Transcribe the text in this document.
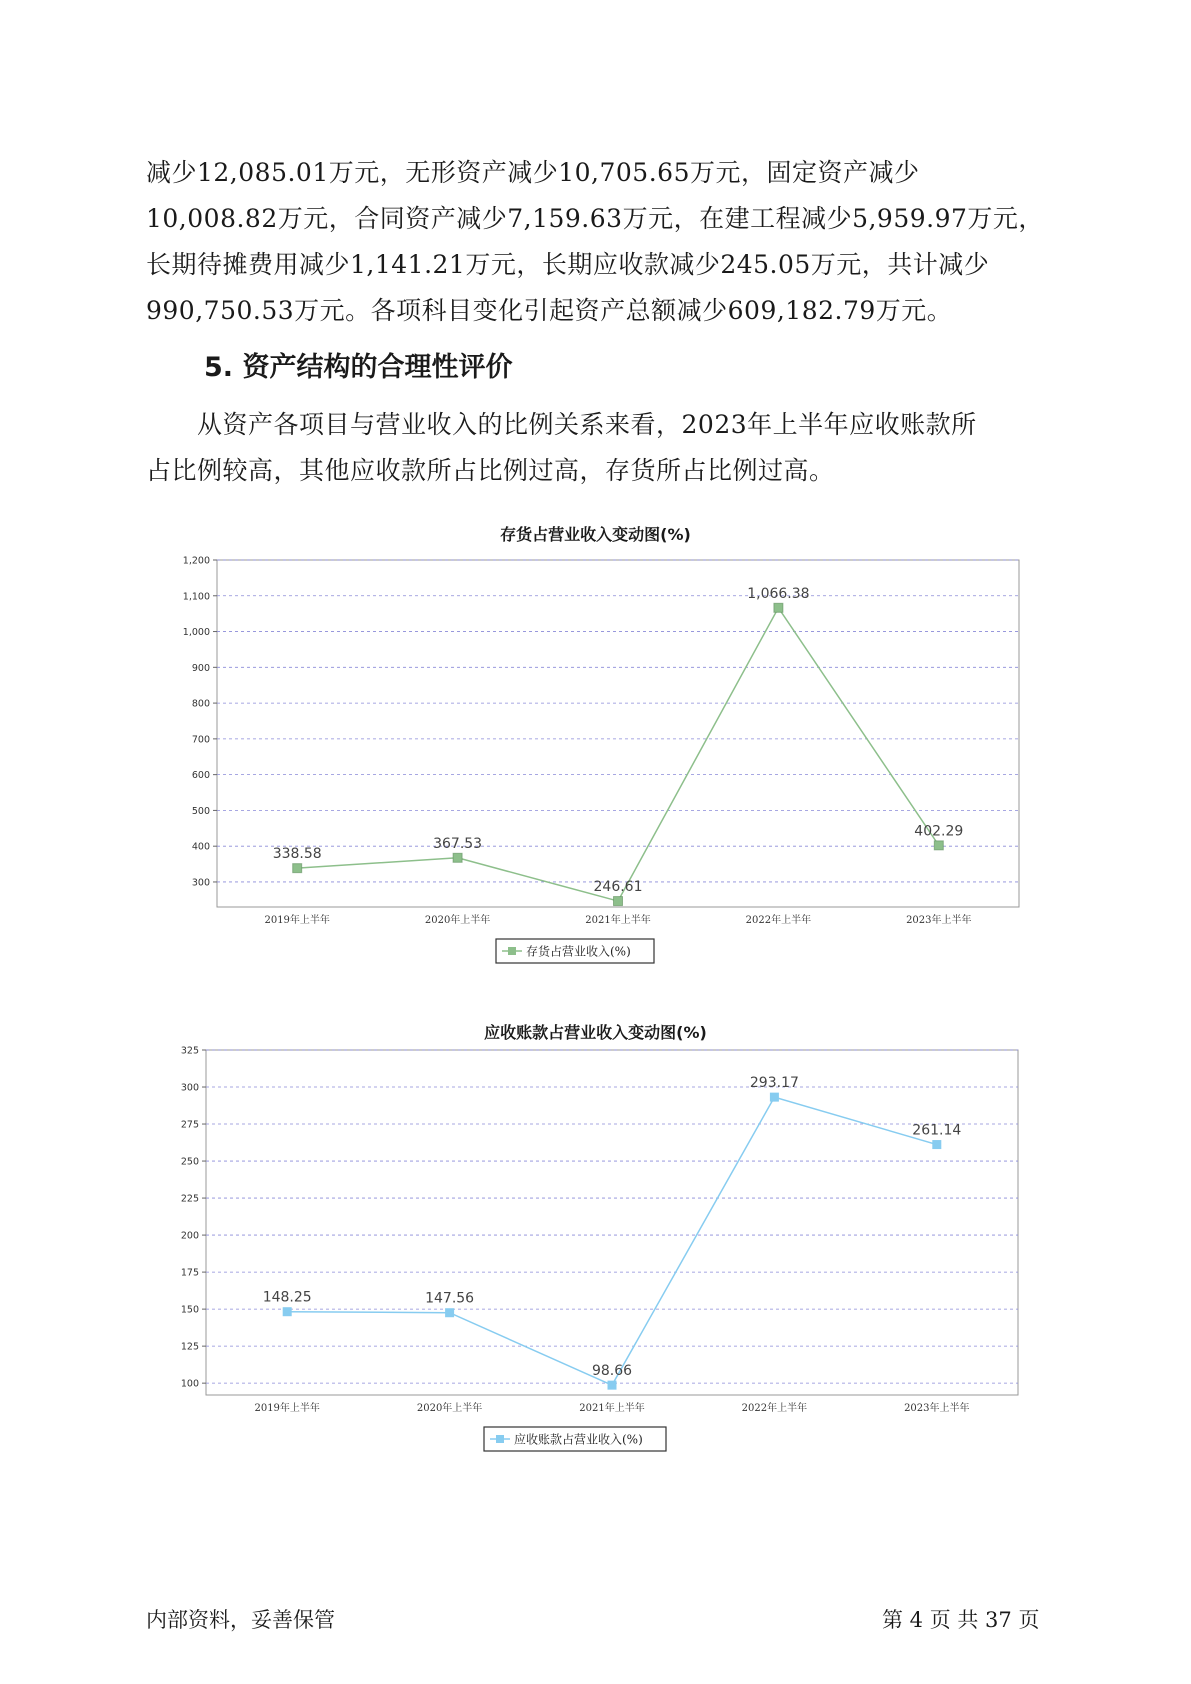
减少12,085.01万元，无形资产减少10,705.65万元，固定资产减少

10,008.82万元，合同资产减少7,159.63万元，在建工程减少5,959.97万元，

长期待摊费用减少1,141.21万元，长期应收款减少245.05万元，共计减少

990,750.53万元。各项科目变化引起资产总额减少609,182.79万元。

5. 资产结构的合理性评价

　　从资产各项目与营业收入的比例关系来看，2023年上半年应收账款所

占比例较高，其他应收款所占比例过高，存货所占比例过高。

存货占营业收入变动图(%)
300
400
500
600
700
800
900
1,000
1,100
1,200
2019年上半年	2020年上半年	2021年上半年	2022年上半年	2023年上半年
338.58
367.53
246.61
1,066.38
402.29
存货占营业收入(%)
应收账款占营业收入变动图(%)
100
125
150
175
200
225
250
275
300
325
2019年上半年	2020年上半年	2021年上半年	2022年上半年	2023年上半年
148.25	147.56
98.66
293.17
261.14
应收账款占营业收入(%)
内部资料，妥善保管	第 4 页 共 37 页
